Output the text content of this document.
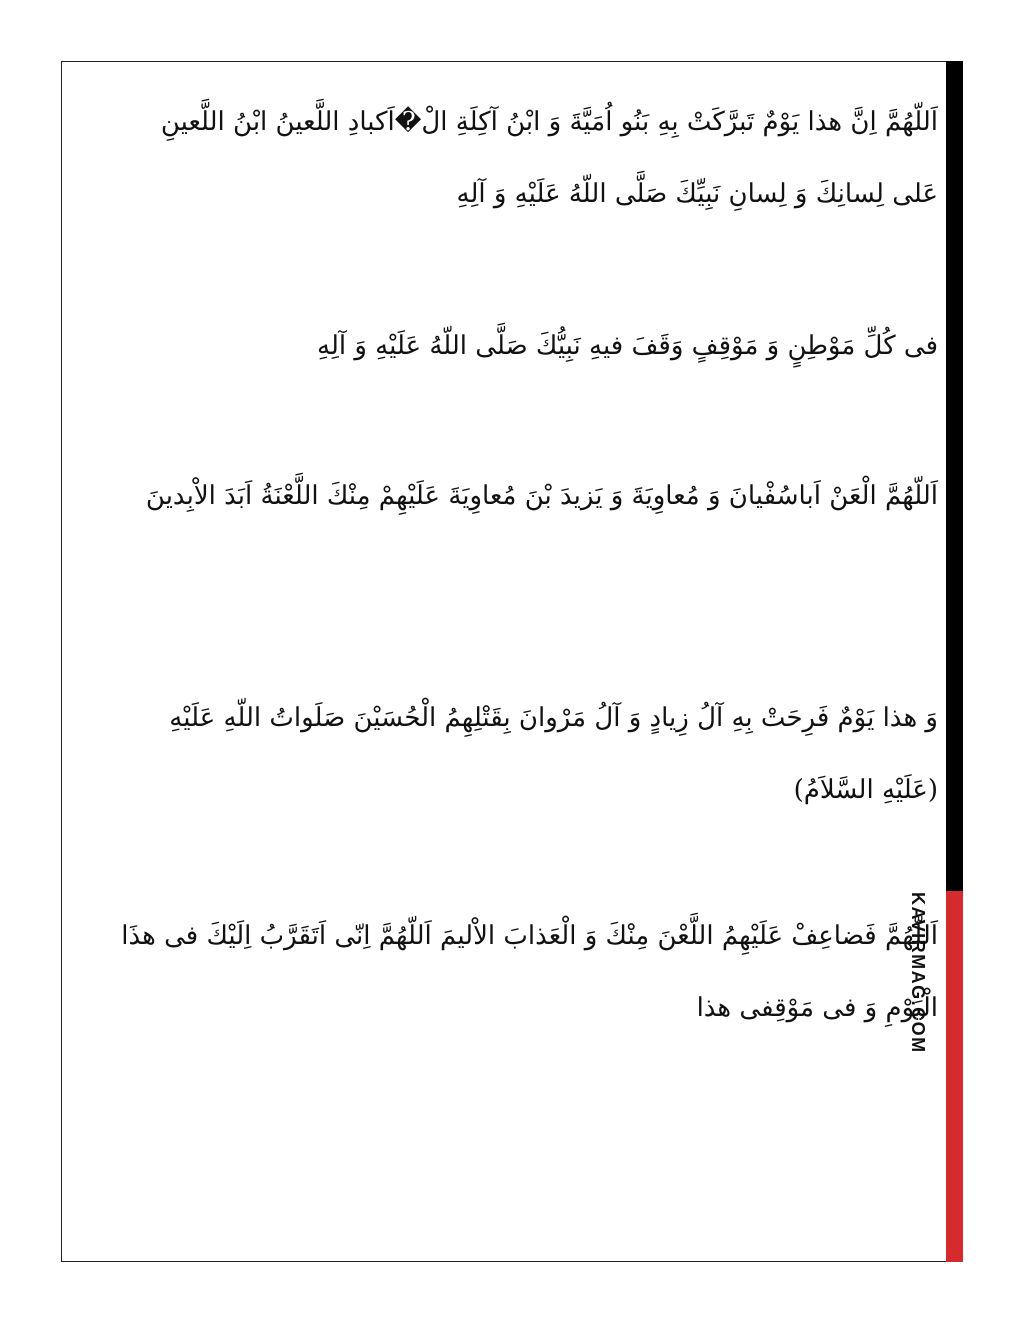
KAVIRMAG.COM

اَللّهُمَّ اِنَّ هذا یَوْمٌ تَبرَّكَتْ بِهِ بَنُو اُمَیَّةَ وَ ابْنُ آكِلَةِ الْ�اَكبادِ اللَّعینُ ابْنُ اللَّعینِ عَلی لِسانِكَ وَ لِسانِ نَبِیِّكَ صَلَّی اللّهُ عَلَیْهِ وَ آلِهِ

فی كُلِّ مَوْطِنٍ وَ مَوْقِفٍ وَقَفَ فیهِ نَبِیُّكَ صَلَّی اللّهُ عَلَیْهِ وَ آلِهِ

اَللّهُمَّ الْعَنْ اَباسُفْیانَ وَ مُعاوِیَةَ وَ یَزیدَ بْنَ مُعاوِیَةَ عَلَیْهِمْ مِنْكَ اللَّعْنَةُ اَبَدَ الاْبِدینَ

وَ هذا یَوْمٌ فَرِحَتْ بِهِ آلُ زِیادٍ وَ آلُ مَرْوانَ بِقَتْلِهِمُ الْحُسَیْنَ صَلَواتُ اللّهِ عَلَیْهِ (عَلَیْهِ السَّلاَمُ)

اَللّهُمَّ فَضاعِفْ عَلَیْهِمُ اللَّعْنَ مِنْكَ وَ الْعَذابَ الاْلیمَ اَللّهُمَّ اِنّی اَتَقَرَّبُ اِلَیْكَ فی هذَا الْیَوْمِ وَ فی مَوْقِفی هذا
